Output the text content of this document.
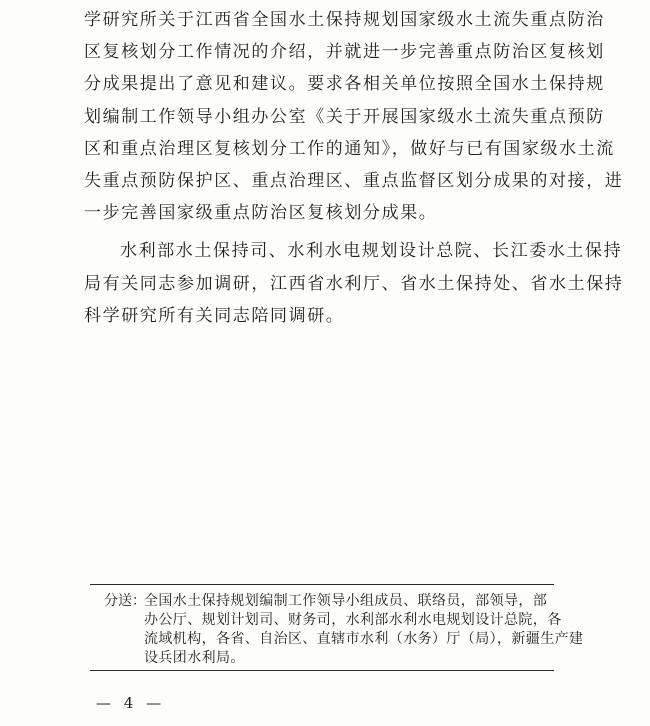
学研究所关于江西省全国水土保持规划国家级水土流失重点防治
区复核划分工作情况的介绍，并就进一步完善重点防治区复核划
分成果提出了意见和建议。要求各相关单位按照全国水土保持规
划编制工作领导小组办公室《关于开展国家级水土流失重点预防
区和重点治理区复核划分工作的通知》，做好与已有国家级水土流
失重点预防保护区、重点治理区、重点监督区划分成果的对接，进
一步完善国家级重点防治区复核划分成果。
水利部水土保持司、水利水电规划设计总院、长江委水土保持
局有关同志参加调研，江西省水利厅、省水土保持处、省水土保持
科学研究所有关同志陪同调研。
分送：
全国水土保持规划编制工作领导小组成员、联络员，部领导，部
办公厅、规划计划司、财务司，水利部水利水电规划设计总院，各
流域机构，各省、自治区、直辖市水利（水务）厅（局），新疆生产建
设兵团水利局。
— 4 —
